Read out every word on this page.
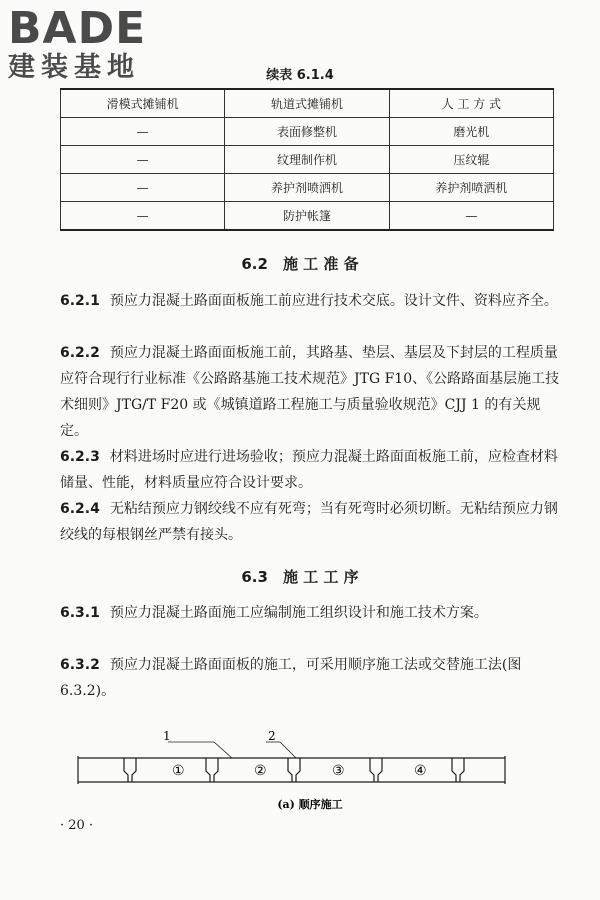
BADE
建装基地	续表 6.1.4
滑模式摊铺机	轨道式摊铺机	人 工 方 式
—	表面修整机	磨光机
—	纹理制作机	压纹辊
—	养护剂喷洒机	养护剂喷洒机
—	防护帐篷	—
6.2　施 工 准 备
6.2.1 预应力混凝土路面面板施工前应进行技术交底。设计文件、资料应齐全。
6.2.2 预应力混凝土路面面板施工前，其路基、垫层、基层及下封层的工程质量应符合现行行业标准《公路路基施工技术规范》JTG F10、《公路路面基层施工技术细则》JTG/T F20 或《城镇道路工程施工与质量验收规范》CJJ 1 的有关规定。
6.2.3 材料进场时应进行进场验收；预应力混凝土路面面板施工前，应检查材料储量、性能，材料质量应符合设计要求。
6.2.4 无粘结预应力钢绞线不应有死弯；当有死弯时必须切断。无粘结预应力钢绞线的每根钢丝严禁有接头。
6.3　施 工 工 序
6.3.1 预应力混凝土路面施工应编制施工组织设计和施工技术方案。
6.3.2 预应力混凝土路面面板的施工，可采用顺序施工法或交替施工法(图 6.3.2)。
1	2
①	②	③	④
(a) 顺序施工
· 20 ·
